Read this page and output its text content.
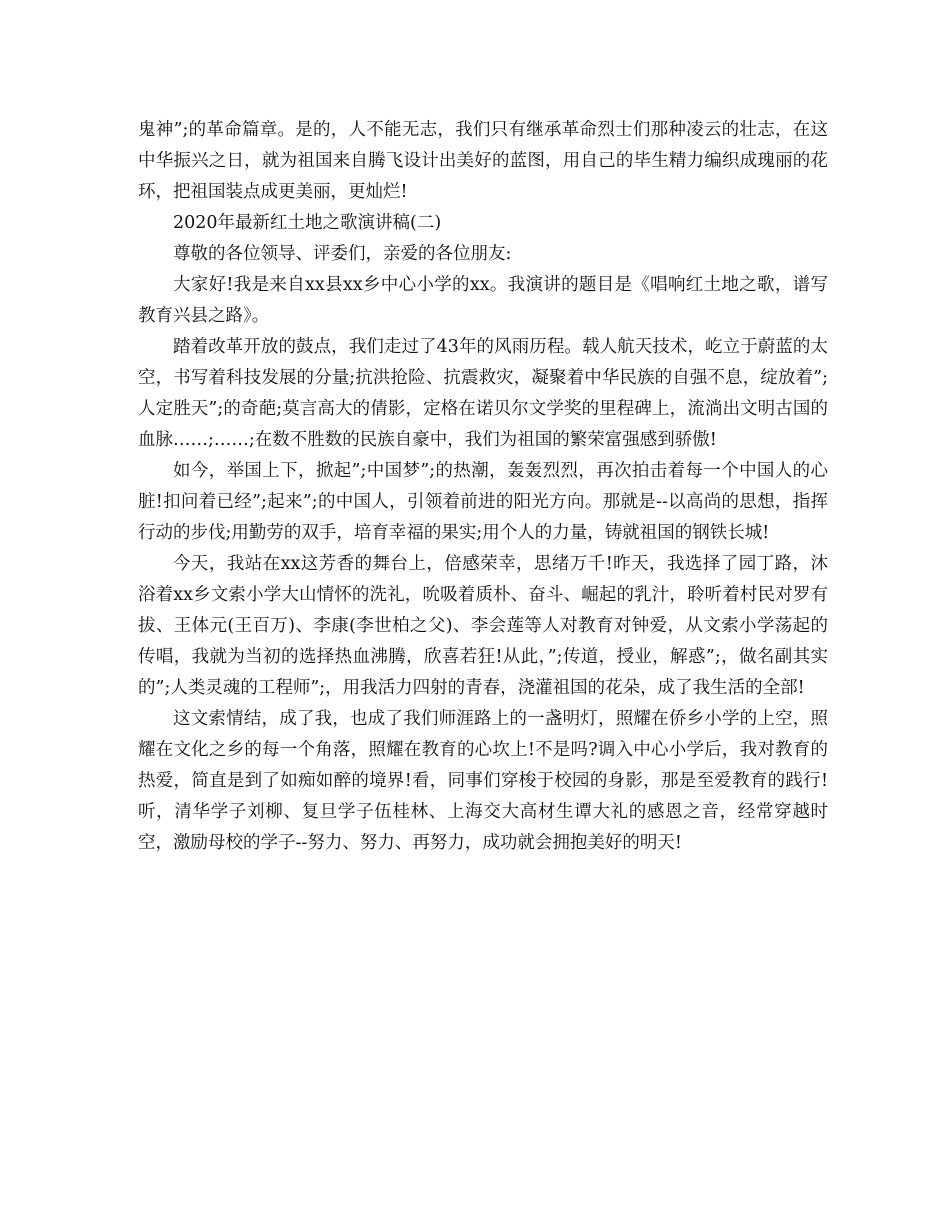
鬼神”;的革命篇章。是的，人不能无志，我们只有继承革命烈士们那种凌云的壮志，在这中华振兴之日，就为祖国来自腾飞设计出美好的蓝图，用自己的毕生精力编织成瑰丽的花环，把祖国装点成更美丽，更灿烂!

2020年最新红土地之歌演讲稿(二)

尊敬的各位领导、评委们，亲爱的各位朋友:

大家好!我是来自xx县xx乡中心小学的xx。我演讲的题目是《唱响红土地之歌，谱写教育兴县之路》。

踏着改革开放的鼓点，我们走过了43年的风雨历程。载人航天技术，屹立于蔚蓝的太空，书写着科技发展的分量;抗洪抢险、抗震救灾，凝聚着中华民族的自强不息，绽放着”;人定胜天”;的奇葩;莫言高大的倩影，定格在诺贝尔文学奖的里程碑上，流淌出文明古国的血脉……;……;在数不胜数的民族自豪中，我们为祖国的繁荣富强感到骄傲!

如今，举国上下，掀起”;中国梦”;的热潮，轰轰烈烈，再次拍击着每一个中国人的心脏!扣问着已经”;起来”;的中国人，引领着前进的阳光方向。那就是--以高尚的思想，指挥行动的步伐;用勤劳的双手，培育幸福的果实;用个人的力量，铸就祖国的钢铁长城!

今天，我站在xx这芳香的舞台上，倍感荣幸，思绪万千!昨天，我选择了园丁路，沐浴着xx乡文索小学大山情怀的洗礼，吮吸着质朴、奋斗、崛起的乳汁，聆听着村民对罗有拔、王体元(王百万)、李康(李世柏之父)、李会莲等人对教育对钟爱，从文索小学荡起的传唱，我就为当初的选择热血沸腾，欣喜若狂!从此，”;传道，授业，解惑”;，做名副其实的”;人类灵魂的工程师”;，用我活力四射的青春，浇灌祖国的花朵，成了我生活的全部!

这文索情结，成了我，也成了我们师涯路上的一盏明灯，照耀在侨乡小学的上空，照耀在文化之乡的每一个角落，照耀在教育的心坎上!不是吗?调入中心小学后，我对教育的热爱，简直是到了如痴如醉的境界!看，同事们穿梭于校园的身影，那是至爱教育的践行!听，清华学子刘柳、复旦学子伍桂林、上海交大高材生谭大礼的感恩之音，经常穿越时空，激励母校的学子--努力、努力、再努力，成功就会拥抱美好的明天!
